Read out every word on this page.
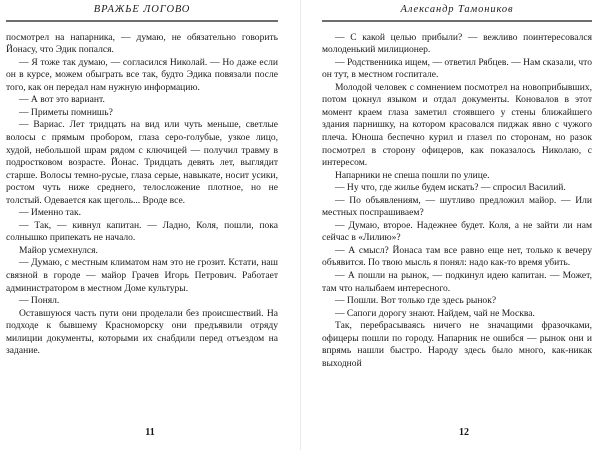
ВРАЖЬЕ ЛОГОВО

посмотрел на напарника, — думаю, не обязательно говорить Йонасу, что Эдик попался.

— Я тоже так думаю, — согласился Николай. — Но даже если он в курсе, можем обыграть все так, будто Эдика повязали после того, как он передал нам нужную информацию.

— А вот это вариант.

— Приметы помнишь?

— Вариас. Лет тридцать на вид или чуть меньше, светлые волосы с прямым пробором, глаза серо-голубые, узкое лицо, худой, небольшой шрам рядом с ключицей — получил травму в подростковом возрасте. Йонас. Тридцать девять лет, выглядит старше. Волосы темно-русые, глаза серые, навыкате, носит усики, ростом чуть ниже среднего, телосложение плотное, но не толстый. Одевается как щеголь... Вроде все.

— Именно так.

— Так, — кивнул капитан. — Ладно, Коля, пошли, пока солнышко припекать не начало.

Майор усмехнулся.

— Думаю, с местным климатом нам это не грозит. Кстати, наш связной в городе — майор Грачев Игорь Петрович. Работает администратором в местном Доме культуры.

— Понял.

Оставшуюся часть пути они проделали без происшествий. На подходе к бывшему Красноморску они предъявили отряду милиции документы, которыми их снабдили перед отъездом на задание.

11
Александр Тамоников

— С какой целью прибыли? — вежливо поинтересовался молоденький милиционер.

— Родственника ищем, — ответил Рябцев. — Нам сказали, что он тут, в местном госпитале.

Молодой человек с сомнением посмотрел на новоприбывших, потом цокнул языком и отдал документы. Коновалов в этот момент краем глаза заметил стоявшего у стены ближайшего здания парнишку, на котором красовался пиджак явно с чужого плеча. Юноша беспечно курил и глазел по сторонам, но разок посмотрел в сторону офицеров, как показалось Николаю, с интересом.

Напарники не спеша пошли по улице.

— Ну что, где жилье будем искать? — спросил Василий.

— По объявлениям, — шутливо предложил майор. — Или местных поспрашиваем?

— Думаю, второе. Надежнее будет. Коля, а не зайти ли нам сейчас в «Лилию»?

— А смысл? Йонаса там все равно еще нет, только к вечеру объявится. По твою мысль я понял: надо как-то время убить.

— А пошли на рынок, — подкинул идею капитан. — Может, там что налыбаем интересного.

— Пошли. Вот только где здесь рынок?

— Сапоги дорогу знают. Найдем, чай не Москва.

Так, перебрасываясь ничего не значащими фразочками, офицеры пошли по городу. Напарник не ошибся — рынок они и впрямь нашли быстро. Народу здесь было много, как-никак выходной

12
